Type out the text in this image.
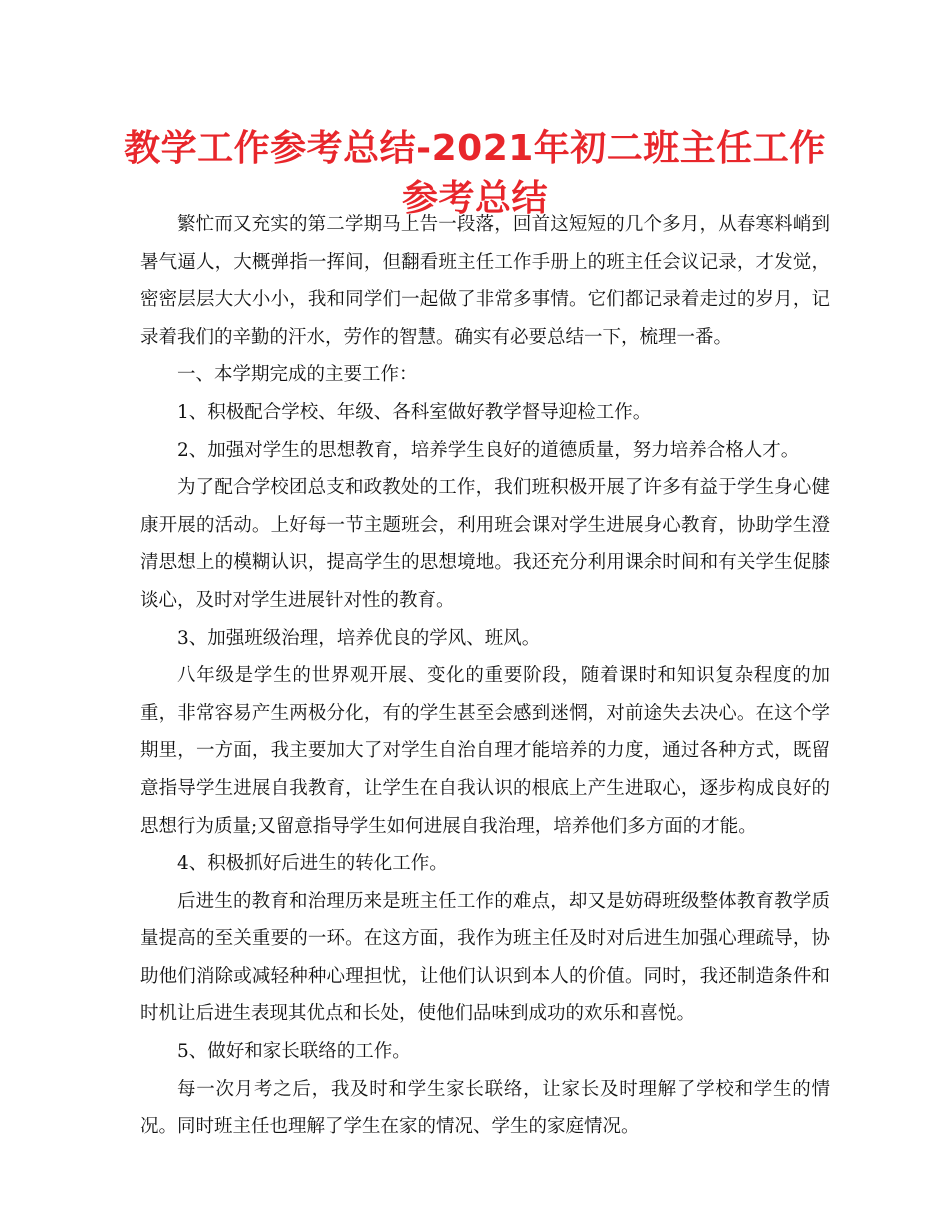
教学工作参考总结-2021年初二班主任工作参考总结

繁忙而又充实的第二学期马上告一段落，回首这短短的几个多月，从春寒料峭到暑气逼人，大概弹指一挥间，但翻看班主任工作手册上的班主任会议记录，才发觉，密密层层大大小小，我和同学们一起做了非常多事情。它们都记录着走过的岁月，记录着我们的辛勤的汗水，劳作的智慧。确实有必要总结一下，梳理一番。

一、本学期完成的主要工作：

1、积极配合学校、年级、各科室做好教学督导迎检工作。

2、加强对学生的思想教育，培养学生良好的道德质量，努力培养合格人才。

为了配合学校团总支和政教处的工作，我们班积极开展了许多有益于学生身心健康开展的活动。上好每一节主题班会，利用班会课对学生进展身心教育，协助学生澄清思想上的模糊认识，提高学生的思想境地。我还充分利用课余时间和有关学生促膝谈心，及时对学生进展针对性的教育。

3、加强班级治理，培养优良的学风、班风。

八年级是学生的世界观开展、变化的重要阶段，随着课时和知识复杂程度的加重，非常容易产生两极分化，有的学生甚至会感到迷惘，对前途失去决心。在这个学期里，一方面，我主要加大了对学生自治自理才能培养的力度，通过各种方式，既留意指导学生进展自我教育，让学生在自我认识的根底上产生进取心，逐步构成良好的思想行为质量;又留意指导学生如何进展自我治理，培养他们多方面的才能。

4、积极抓好后进生的转化工作。

后进生的教育和治理历来是班主任工作的难点，却又是妨碍班级整体教育教学质量提高的至关重要的一环。在这方面，我作为班主任及时对后进生加强心理疏导，协助他们消除或减轻种种心理担忧，让他们认识到本人的价值。同时，我还制造条件和时机让后进生表现其优点和长处，使他们品味到成功的欢乐和喜悦。

5、做好和家长联络的工作。

每一次月考之后，我及时和学生家长联络，让家长及时理解了学校和学生的情况。同时班主任也理解了学生在家的情况、学生的家庭情况。
